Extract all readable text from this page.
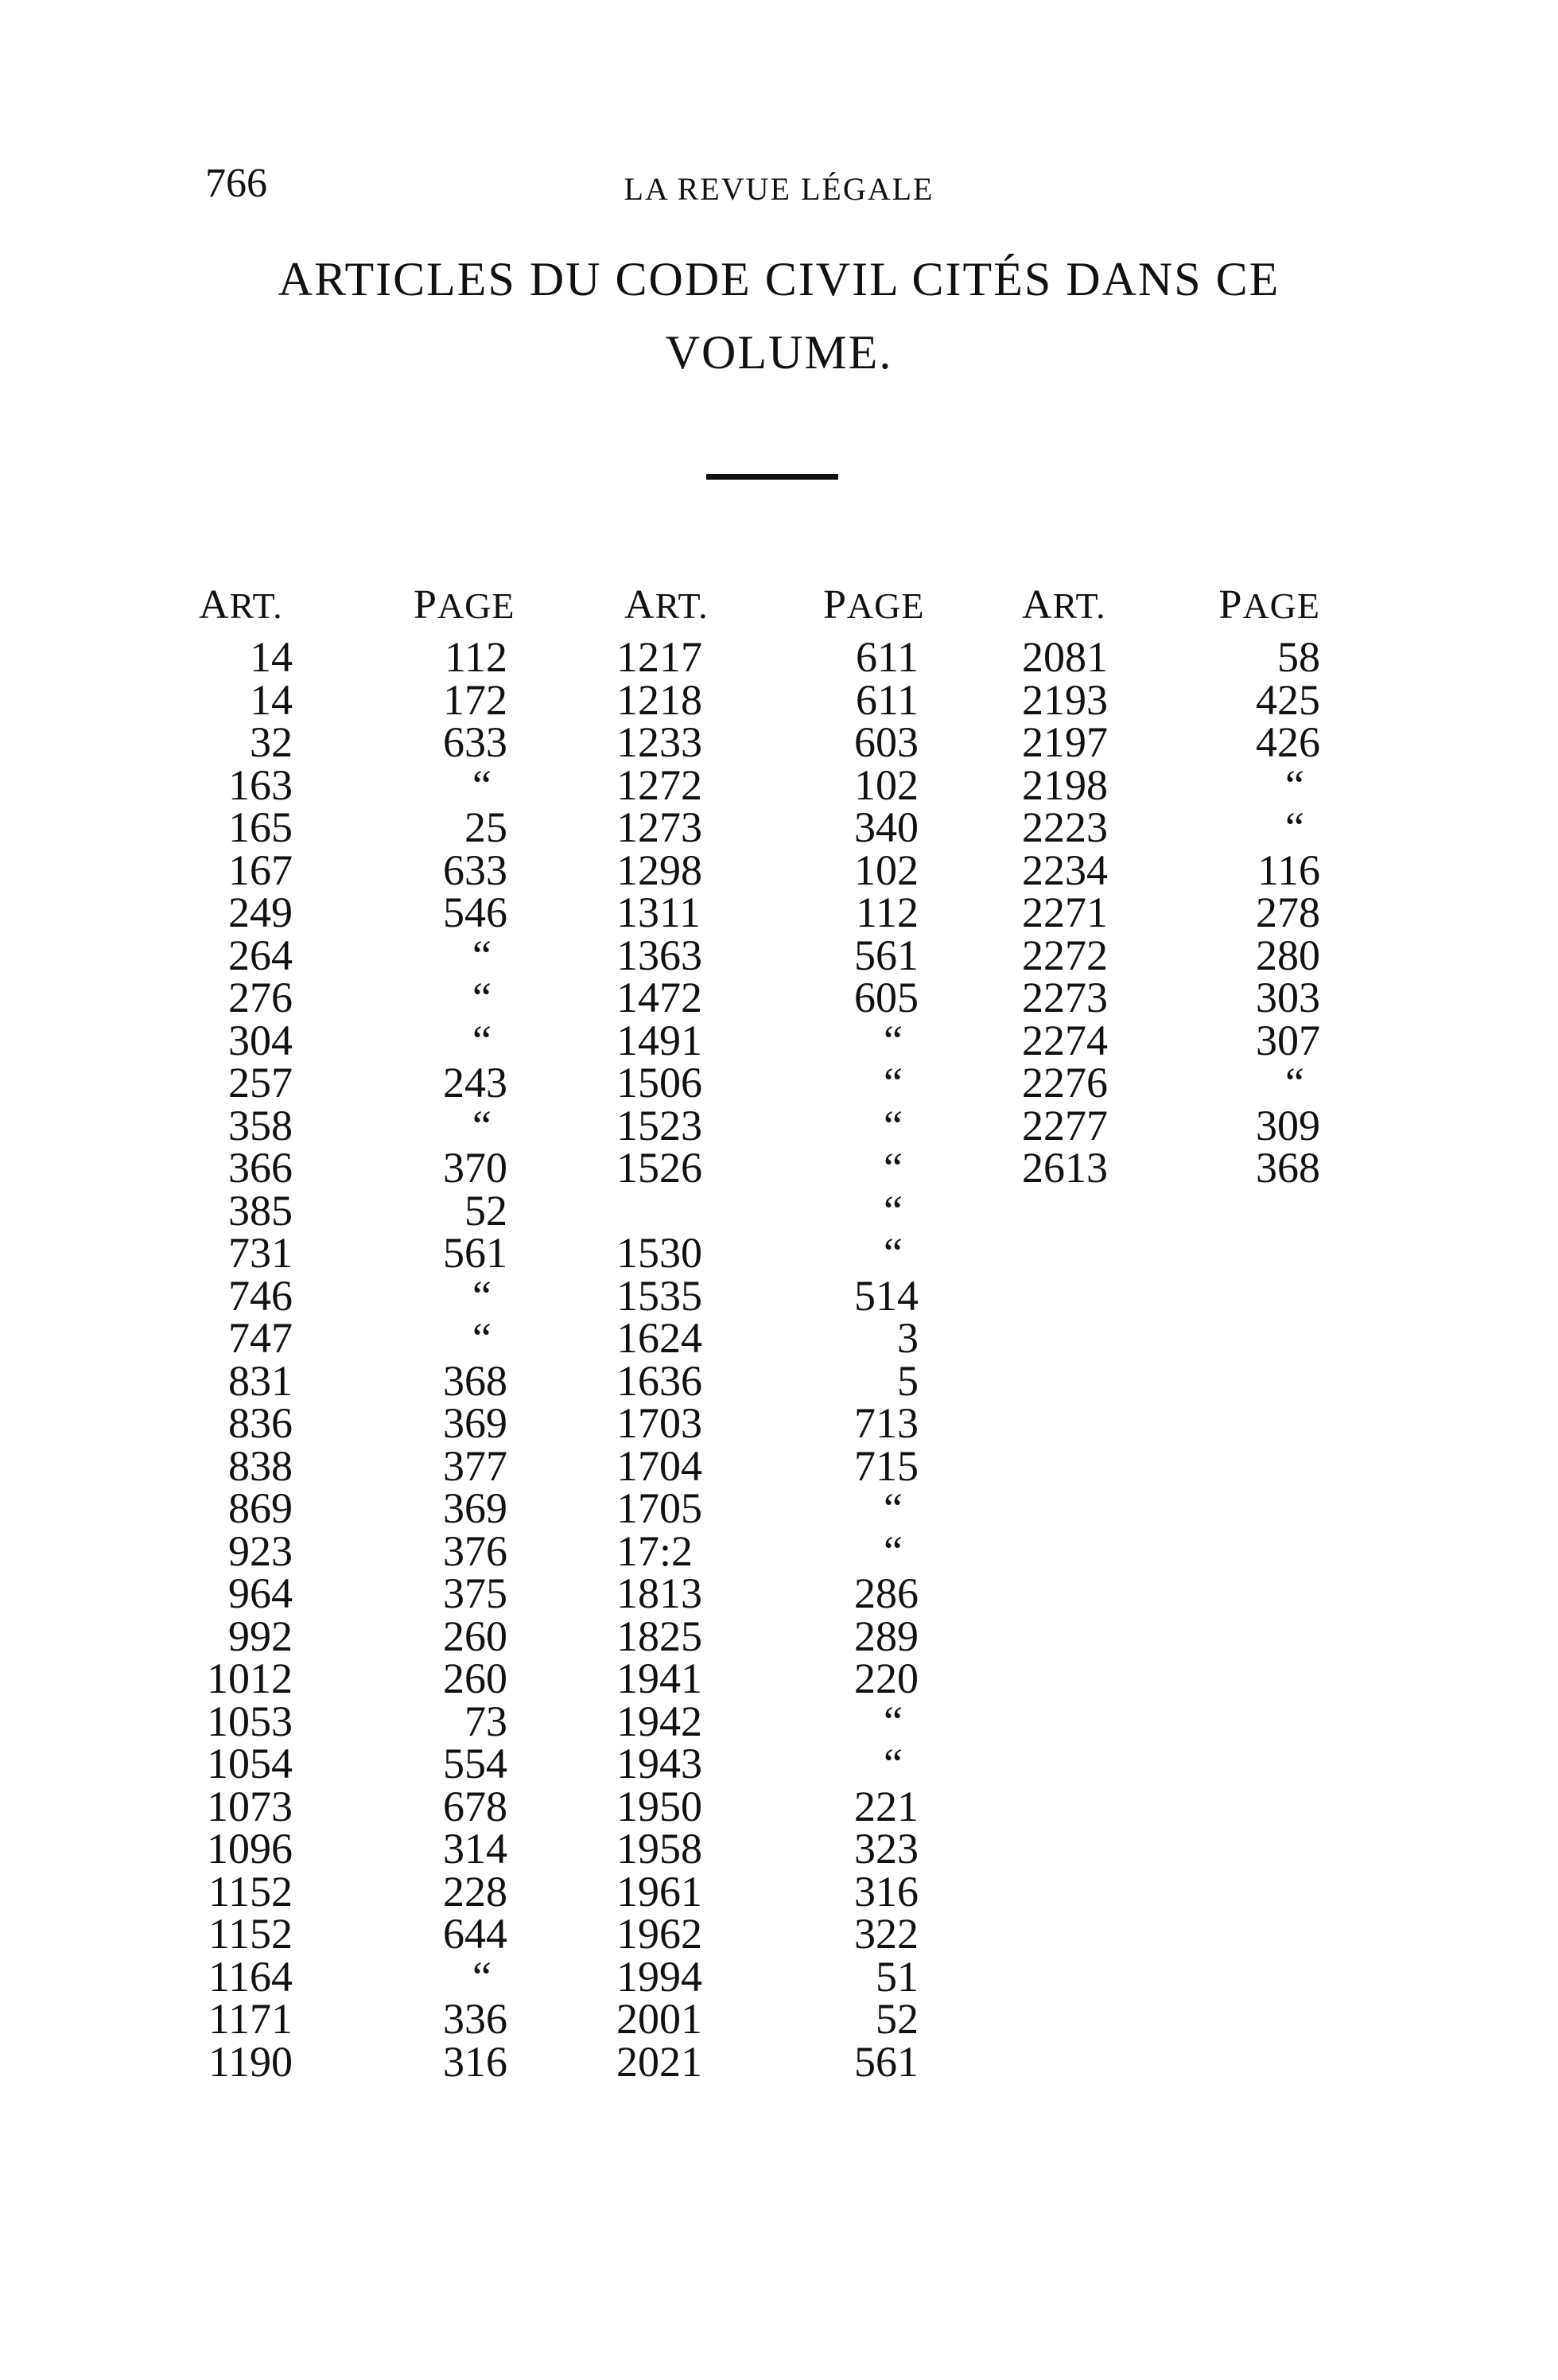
766	LA REVUE LÉGALE
ARTICLES DU CODE CIVIL CITÉS DANS CE
VOLUME.
ART.
14
14
32
163
165
167
249
264
276
304
257
358
366
385
731
746
747
831
836
838
869
923
964
992
1012
1053
1054
1073
1096
1152
1152
1164
1171
1190
PAGE
112
172
633
“
25
633
546
“
“
“
243
“
370
52
561
“
“
368
369
377
369
376
375
260
260
73
554
678
314
228
644
“
336
316
ART.
1217
1218
1233
1272
1273
1298
1311
1363
1472
1491
1506
1523
1526
1530
1535
1624
1636
1703
1704
1705
17:2
1813
1825
1941
1942
1943
1950
1958
1961
1962
1994
2001
2021
PAGE
611
611
603
102
340
102
112
561
605
“
“
“
“
“
“
514
3
5
713
715
“
“
286
289
220
“
“
221
323
316
322
51
52
561
ART.
2081
2193
2197
2198
2223
2234
2271
2272
2273
2274
2276
2277
2613
PAGE
58
425
426
“
“
116
278
280
303
307
“
309
368
